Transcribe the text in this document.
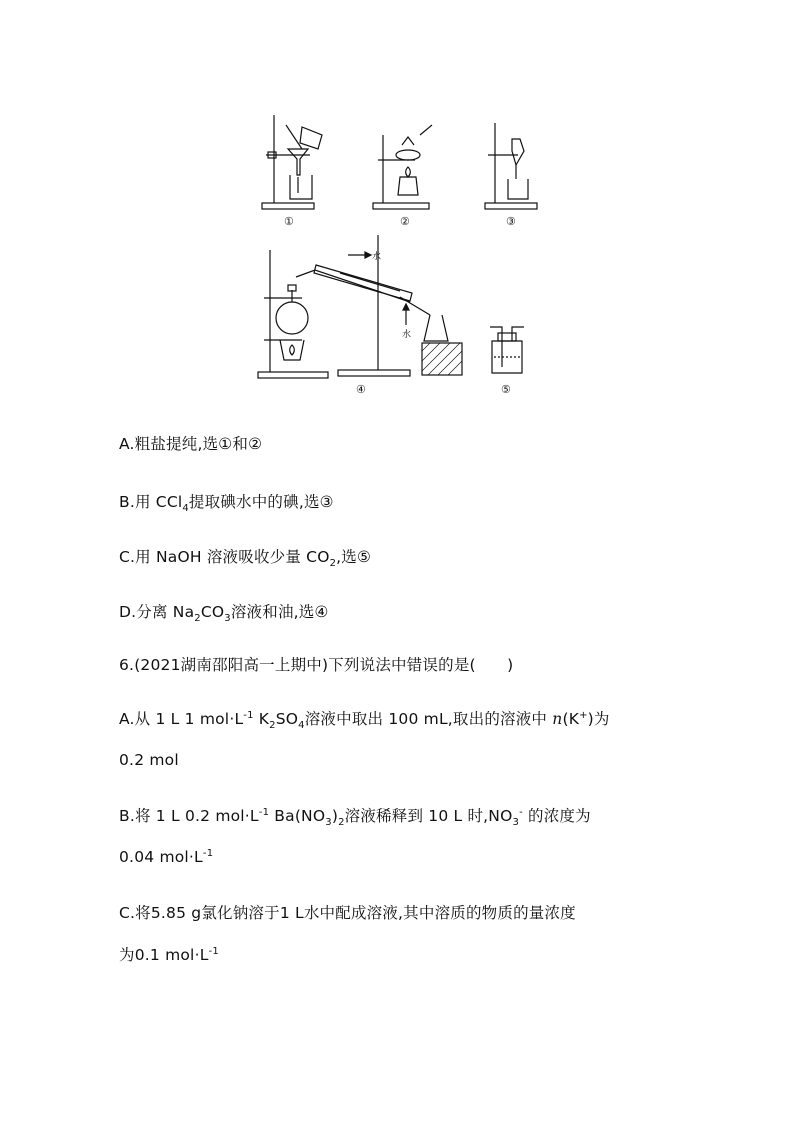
①	②	③
④	⑤
水
水
A.粗盐提纯,选①和②
B.用 CCl$_4$提取碘水中的碘,选③
C.用 NaOH 溶液吸收少量 $CO_2$,选⑤
D.分离 $Na_2CO_3$溶液和油,选④
6.(2021湖南邵阳高一上期中)下列说法中错误的是(　　)
A.从 1 L 1 $mol\cdot L^{-1}$ $K_2SO_4$溶液中取出 100 mL,取出的溶液中 n(K+)为
0.2 mol
B.将 1 L 0.2 $mol\cdot L^{-1}$ $Ba(NO_3)_2$溶液稀释到 10 L 时$,NO_3^-$ 的浓度为
0.04 $mol\cdot L^{-1}$
C.将5.85 g氯化钠溶于1 L水中配成溶液,其中溶质的物质的量浓度
为0.1 $mol\cdot L^{-1}$
